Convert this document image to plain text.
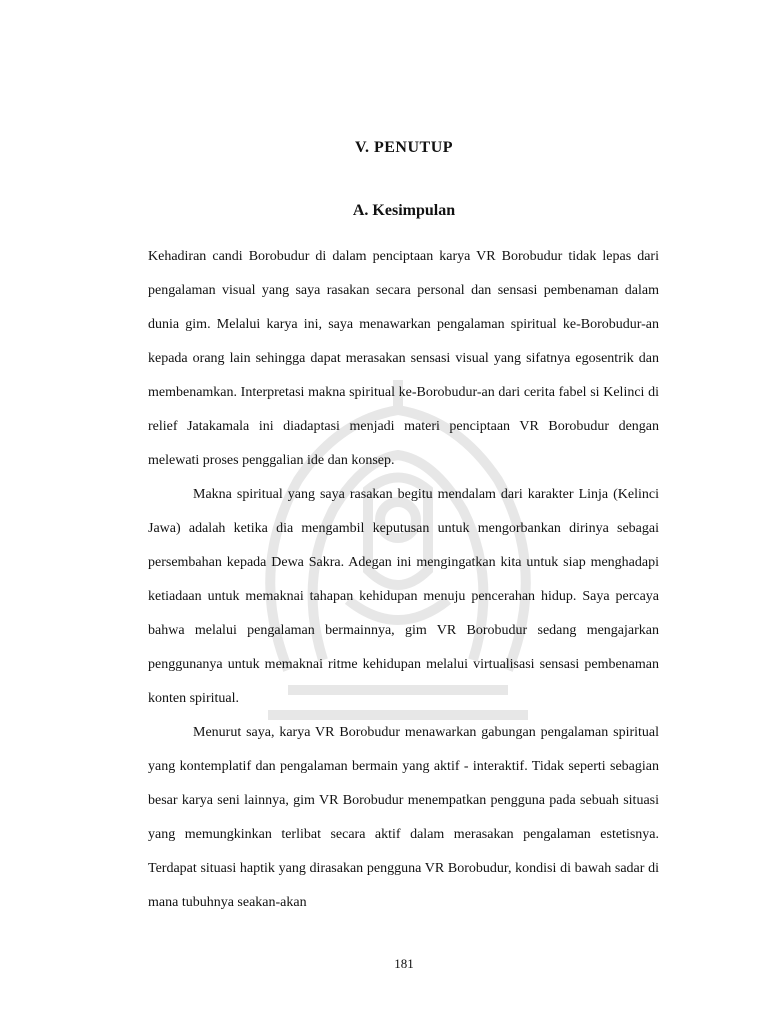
V. PENUTUP
A. Kesimpulan

Kehadiran candi Borobudur di dalam penciptaan karya VR Borobudur tidak lepas dari pengalaman visual yang saya rasakan secara personal dan sensasi pembenaman dalam dunia gim. Melalui karya ini, saya menawarkan pengalaman spiritual ke-Borobudur-an kepada orang lain sehingga dapat merasakan sensasi visual yang sifatnya egosentrik dan membenamkan. Interpretasi makna spiritual ke-Borobudur-an dari cerita fabel si Kelinci di relief Jatakamala ini diadaptasi menjadi materi penciptaan VR Borobudur dengan melewati proses penggalian ide dan konsep.

Makna spiritual yang saya rasakan begitu mendalam dari karakter Linja (Kelinci Jawa) adalah ketika dia mengambil keputusan untuk mengorbankan dirinya sebagai persembahan kepada Dewa Sakra. Adegan ini mengingatkan kita untuk siap menghadapi ketiadaan untuk memaknai tahapan kehidupan menuju pencerahan hidup. Saya percaya bahwa melalui pengalaman bermainnya, gim VR Borobudur sedang mengajarkan penggunanya untuk memaknai ritme kehidupan melalui virtualisasi sensasi pembenaman konten spiritual.

Menurut saya, karya VR Borobudur menawarkan gabungan pengalaman spiritual yang kontemplatif dan pengalaman bermain yang aktif - interaktif. Tidak seperti sebagian besar karya seni lainnya, gim VR Borobudur menempatkan pengguna pada sebuah situasi yang memungkinkan terlibat secara aktif dalam merasakan pengalaman estetisnya. Terdapat situasi haptik yang dirasakan pengguna VR Borobudur, kondisi di bawah sadar di mana tubuhnya seakan-akan

181
